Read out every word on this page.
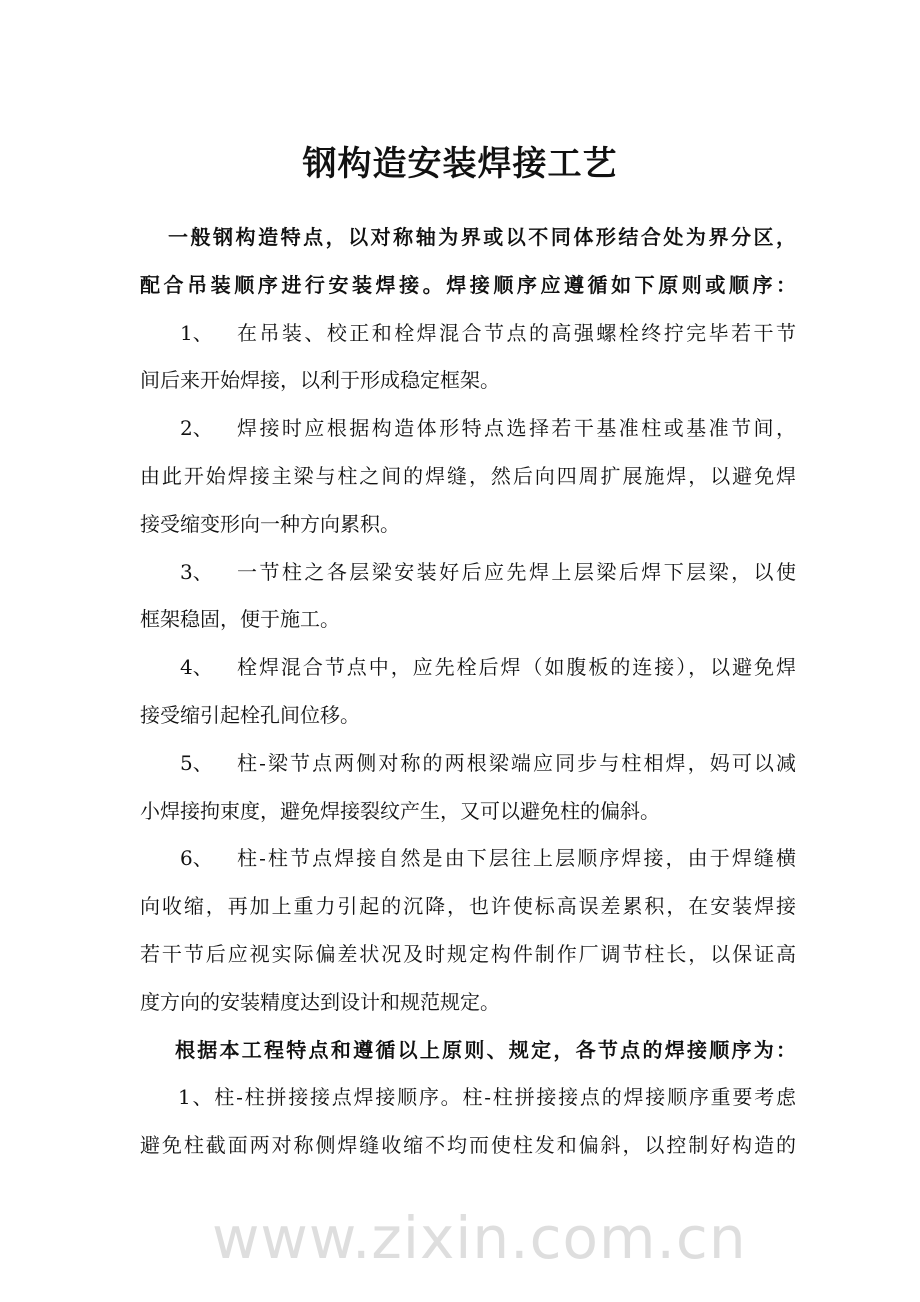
钢构造安装焊接工艺
www.zixin.com.cn
一般钢构造特点，以对称轴为界或以不同体形结合处为界分区，
配合吊装顺序进行安装焊接。焊接顺序应遵循如下原则或顺序：
1、 在吊装、校正和栓焊混合节点的高强螺栓终拧完毕若干节
间后来开始焊接，以利于形成稳定框架。
2、 焊接时应根据构造体形特点选择若干基准柱或基准节间，
由此开始焊接主梁与柱之间的焊缝，然后向四周扩展施焊，以避免焊
接受缩变形向一种方向累积。
3、 一节柱之各层梁安装好后应先焊上层梁后焊下层梁，以使
框架稳固，便于施工。
4、 栓焊混合节点中，应先栓后焊（如腹板的连接），以避免焊
接受缩引起栓孔间位移。
5、 柱-梁节点两侧对称的两根梁端应同步与柱相焊，妈可以减
小焊接拘束度，避免焊接裂纹产生，又可以避免柱的偏斜。
6、 柱-柱节点焊接自然是由下层往上层顺序焊接，由于焊缝横
向收缩，再加上重力引起的沉降，也许使标高误差累积，在安装焊接
若干节后应视实际偏差状况及时规定构件制作厂调节柱长，以保证高
度方向的安装精度达到设计和规范规定。
根据本工程特点和遵循以上原则、规定，各节点的焊接顺序为：
1、柱-柱拼接接点焊接顺序。柱-柱拼接接点的焊接顺序重要考虑
避免柱截面两对称侧焊缝收缩不均而使柱发和偏斜，以控制好构造的
